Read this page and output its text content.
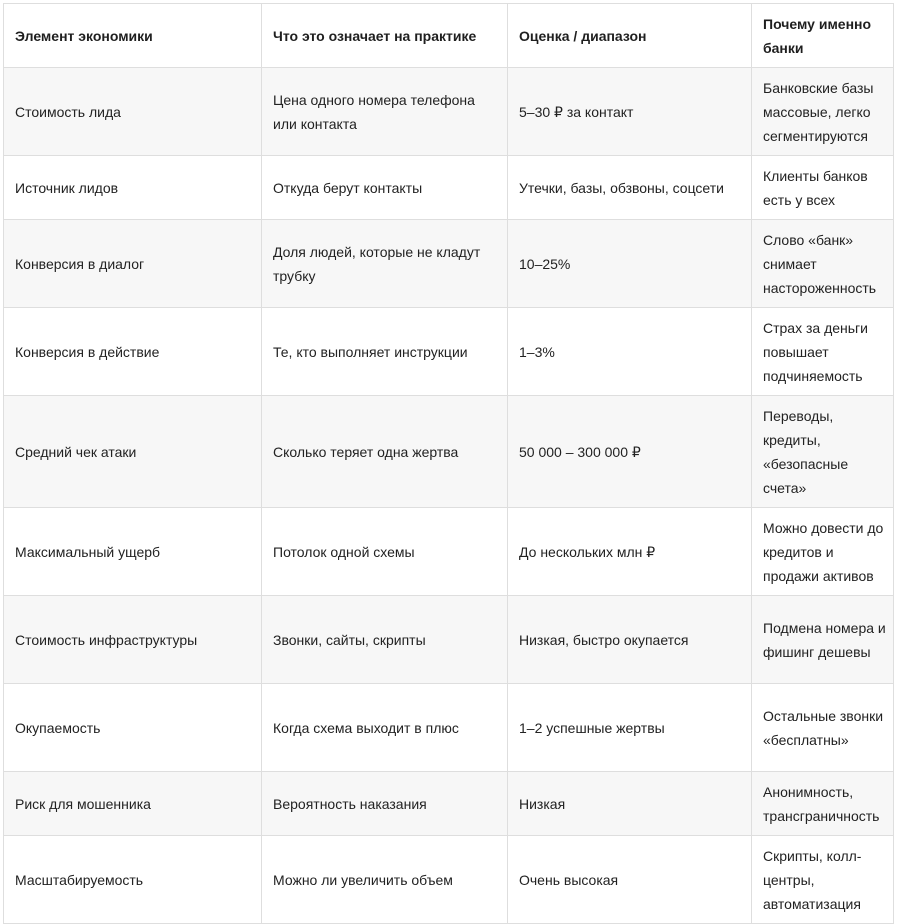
Элемент экономики	Что это означает на практике	Оценка / диапазон	Почему именно банки
Стоимость лида	Цена одного номера телефона или контакта	5–30 ₽ за контакт	Банковские базы массовые, легко сегментируются
Источник лидов	Откуда берут контакты	Утечки, базы, обзвоны, соцсети	Клиенты банков есть у всех
Конверсия в диалог	Доля людей, которые не кладут трубку	10–25%	Слово «банк» снимает настороженность
Конверсия в действие	Те, кто выполняет инструкции	1–3%	Страх за деньги повышает подчиняемость
Средний чек атаки	Сколько теряет одна жертва	50 000 – 300 000 ₽	Переводы, кредиты, «безопасные счета»
Максимальный ущерб	Потолок одной схемы	До нескольких млн ₽	Можно довести до кредитов и продажи активов
Стоимость инфраструктуры	Звонки, сайты, скрипты	Низкая, быстро окупается	Подмена номера и фишинг дешевы
Окупаемость	Когда схема выходит в плюс	1–2 успешные жертвы	Остальные звонки «бесплатны»
Риск для мошенника	Вероятность наказания	Низкая	Анонимность, трансграничность
Масштабируемость	Можно ли увеличить объем	Очень высокая	Скрипты, колл-центры, автоматизация
